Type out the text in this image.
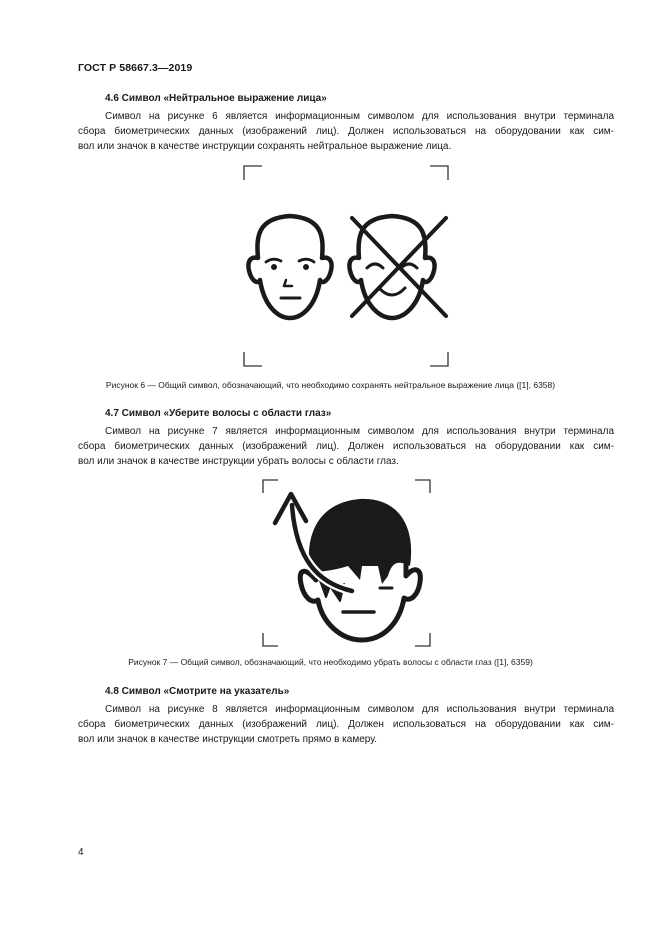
ГОСТ Р 58667.3—2019
4.6 Символ «Нейтральное выражение лица»
Символ на рисунке 6 является информационным символом для использования внутри терминала
сбора биометрических данных (изображений лиц). Должен использоваться на оборудовании как сим-
вол или значок в качестве инструкции сохранять нейтральное выражение лица.
Рисунок 6 — Общий символ, обозначающий, что необходимо сохранять нейтральное выражение лица ([1], 6358)
4.7 Символ «Уберите волосы с области глаз»
Символ на рисунке 7 является информационным символом для использования внутри терминала
сбора биометрических данных (изображений лиц). Должен использоваться на оборудовании как сим-
вол или значок в качестве инструкции убрать волосы с области глаз.
Рисунок 7 — Общий символ, обозначающий, что необходимо убрать волосы с области глаз ([1], 6359)
4.8 Символ «Смотрите на указатель»
Символ на рисунке 8 является информационным символом для использования внутри терминала
сбора биометрических данных (изображений лиц). Должен использоваться на оборудовании как сим-
вол или значок в качестве инструкции смотреть прямо в камеру.
4
